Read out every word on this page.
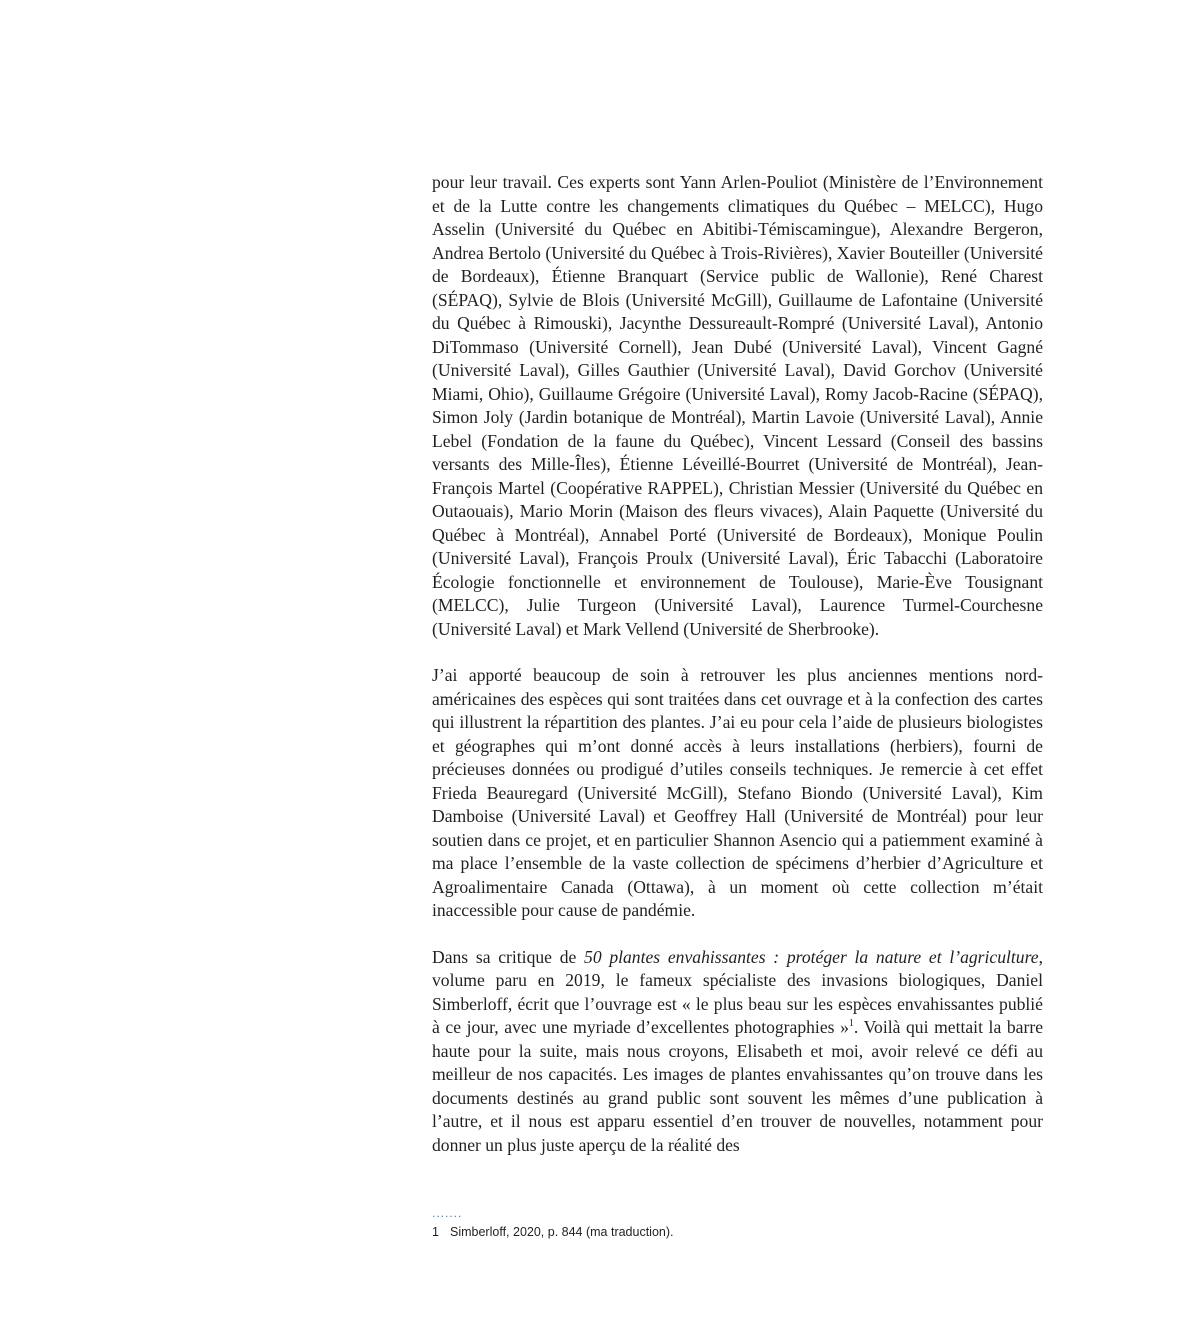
pour leur travail. Ces experts sont Yann Arlen-Pouliot (Ministère de l’Environnement et de la Lutte contre les changements climatiques du Québec – MELCC), Hugo Asselin (Université du Québec en Abitibi-Témiscamingue), Alexandre Bergeron, Andrea Bertolo (Université du Québec à Trois-Rivières), Xavier Bouteiller (Université de Bordeaux), Étienne Branquart (Service public de Wallonie), René Charest (SÉPAQ), Sylvie de Blois (Université McGill), Guillaume de Lafontaine (Université du Québec à Rimouski), Jacynthe Dessureault-Rompré (Université Laval), Antonio DiTommaso (Université Cornell), Jean Dubé (Université Laval), Vincent Gagné (Université Laval), Gilles Gauthier (Université Laval), David Gorchov (Université Miami, Ohio), Guillaume Grégoire (Université Laval), Romy Jacob-Racine (SÉPAQ), Simon Joly (Jardin botanique de Montréal), Martin Lavoie (Université Laval), Annie Lebel (Fondation de la faune du Québec), Vincent Lessard (Conseil des bassins versants des Mille-Îles), Étienne Léveillé-Bourret (Université de Montréal), Jean-François Martel (Coopérative RAPPEL), Christian Messier (Université du Québec en Outaouais), Mario Morin (Maison des fleurs vivaces), Alain Paquette (Université du Québec à Montréal), Annabel Porté (Université de Bordeaux), Monique Poulin (Université Laval), François Proulx (Université Laval), Éric Tabacchi (Laboratoire Écologie fonctionnelle et environnement de Toulouse), Marie-Ève Tousignant (MELCC), Julie Turgeon (Université Laval), Laurence Turmel-Courchesne (Université Laval) et Mark Vellend (Université de Sherbrooke).

J’ai apporté beaucoup de soin à retrouver les plus anciennes mentions nord-américaines des espèces qui sont traitées dans cet ouvrage et à la confection des cartes qui illustrent la répartition des plantes. J’ai eu pour cela l’aide de plusieurs biologistes et géographes qui m’ont donné accès à leurs installations (herbiers), fourni de précieuses données ou prodigué d’utiles conseils techniques. Je remercie à cet effet Frieda Beauregard (Université McGill), Stefano Biondo (Université Laval), Kim Damboise (Université Laval) et Geoffrey Hall (Université de Montréal) pour leur soutien dans ce projet, et en particulier Shannon Asencio qui a patiemment examiné à ma place l’ensemble de la vaste collection de spécimens d’herbier d’Agriculture et Agroalimentaire Canada (Ottawa), à un moment où cette collection m’était inaccessible pour cause de pandémie.

Dans sa critique de 50 plantes envahissantes : protéger la nature et l’agriculture, volume paru en 2019, le fameux spécialiste des invasions biologiques, Daniel Simberloff, écrit que l’ouvrage est « le plus beau sur les espèces envahissantes publié à ce jour, avec une myriade d’excellentes photographies »$^1$. Voilà qui mettait la barre haute pour la suite, mais nous croyons, Elisabeth et moi, avoir relevé ce défi au meilleur de nos capacités. Les images de plantes envahissantes qu’on trouve dans les documents destinés au grand public sont souvent les mêmes d’une publication à l’autre, et il nous est apparu essentiel d’en trouver de nouvelles, notamment pour donner un plus juste aperçu de la réalité des

.......
1 Simberloff, 2020, p. 844 (ma traduction).
